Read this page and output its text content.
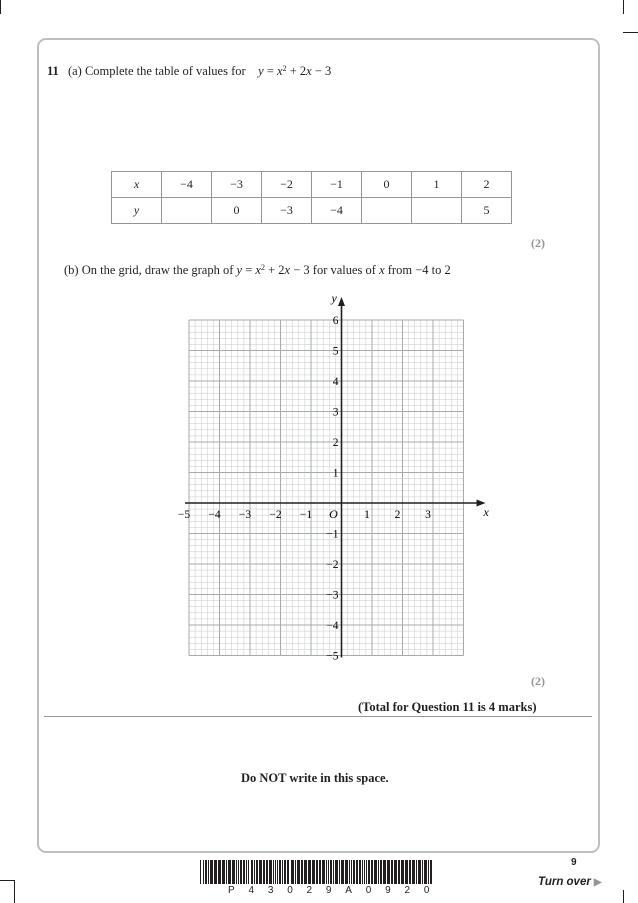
11 (a) Complete the table of values for $y = x^2 + 2x - 3$
x	−4	−3	−2	−1	0	1	2
y		0	−3	−4			5
(2)
(b) On the grid, draw the graph of $y = x^2 + 2x - 3$ for values of x from −4 to 2
−5 −4 −3 −2 −1	1 2 3
6
5
4
3
2
1
−1
−2
−3
−4
−5
O	x
y
(2)
(Total for Question 11 is 4 marks)
Do NOT write in this space.
9
Turn over ▶
P43029A0920
